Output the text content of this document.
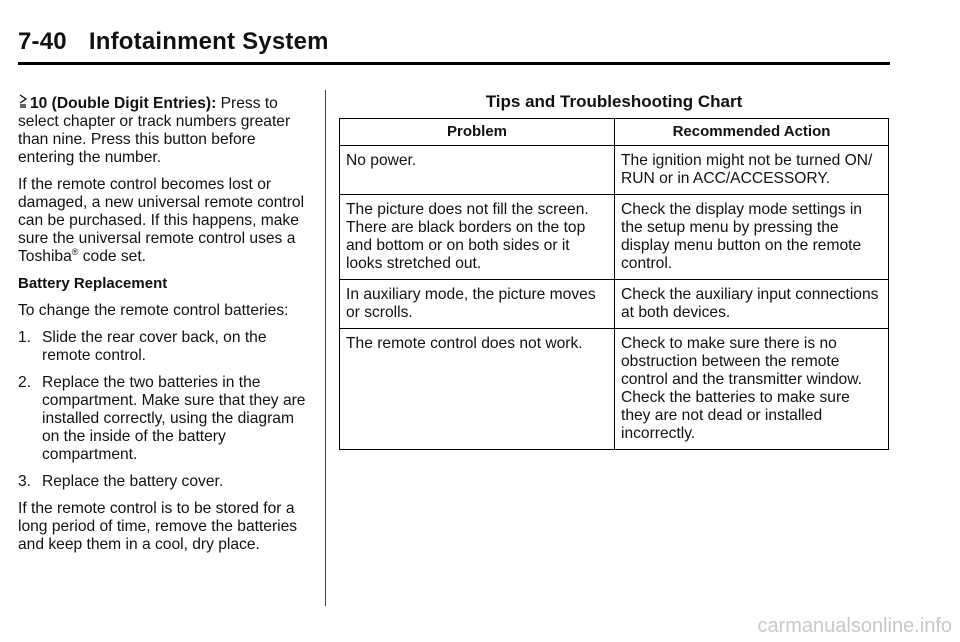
7-40 Infotainment System

10 (Double Digit Entries): Press to select chapter or track numbers greater than nine. Press this button before entering the number.

If the remote control becomes lost or damaged, a new universal remote control can be purchased. If this happens, make sure the universal remote control uses a Toshiba® code set.

Battery Replacement

To change the remote control batteries:

1. Slide the rear cover back, on the remote control.
2. Replace the two batteries in the compartment. Make sure that they are installed correctly, using the diagram on the inside of the battery compartment.
3. Replace the battery cover.

If the remote control is to be stored for a long period of time, remove the batteries and keep them in a cool, dry place.

Tips and Troubleshooting Chart
Problem	Recommended Action
No power.	The ignition might not be turned ON/ RUN or in ACC/ACCESSORY.
The picture does not fill the screen. There are black borders on the top and bottom or on both sides or it looks stretched out.	Check the display mode settings in the setup menu by pressing the display menu button on the remote control.
In auxiliary mode, the picture moves or scrolls.	Check the auxiliary input connections at both devices.
The remote control does not work.	Check to make sure there is no obstruction between the remote control and the transmitter window. Check the batteries to make sure they are not dead or installed incorrectly.
carmanualsonline.info
